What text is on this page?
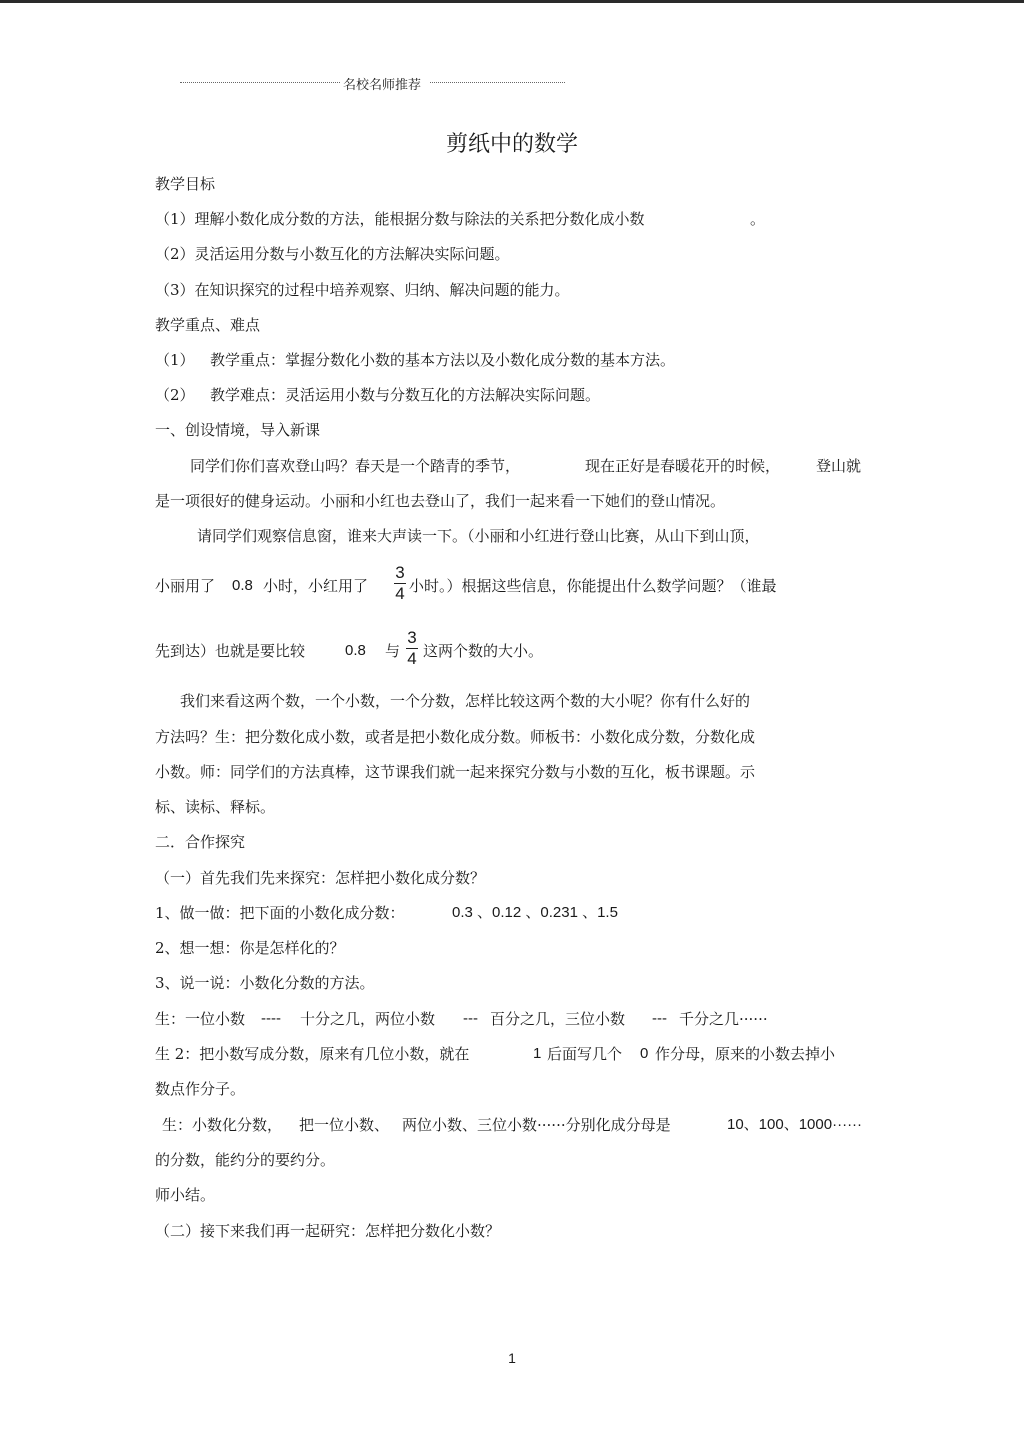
名校名师推荐
剪纸中的数学
教学目标
（1）理解小数化成分数的方法，能根据分数与除法的关系把分数化成小数	。
（2）灵活运用分数与小数互化的方法解决实际问题。
（3）在知识探究的过程中培养观察、归纳、解决问题的能力。
教学重点、难点
（1） 教学重点：掌握分数化小数的基本方法以及小数化成分数的基本方法。
（2） 教学难点：灵活运用小数与分数互化的方法解决实际问题。
一、创设情境，导入新课
同学们你们喜欢登山吗？春天是一个踏青的季节，	现在正好是春暖花开的时候， 登山就
是一项很好的健身运动。小丽和小红也去登山了，我们一起来看一下她们的登山情况。
请同学们观察信息窗，谁来大声读一下。（小丽和小红进行登山比赛，从山下到山顶，
小丽用了 0.8 小时，小红用了	小时。）根据这些信息，你能提出什么数学问题？（谁最
3
4
先到达）也就是要比较	0.8 与 这两个数的大小。
3
4
我们来看这两个数，一个小数，一个分数，怎样比较这两个数的大小呢？你有什么好的
方法吗？生：把分数化成小数，或者是把小数化成分数。师板书：小数化成分数，分数化成
小数。师：同学们的方法真棒，这节课我们就一起来探究分数与小数的互化，板书课题。示
标、读标、释标。
二．合作探究
（一）首先我们先来探究：怎样把小数化成分数？
1、做一做：把下面的小数化成分数：	0.3 、0.12 、0.231 、1.5
2、想一想：你是怎样化的？
3、说一说：小数化分数的方法。
生：一位小数 ---- 十分之几，两位小数 --- 百分之几，三位小数 --- 千分之几······
生 2：把小数写成分数，原来有几位小数，就在	1 后面写几个 0 作分母，原来的小数去掉小
数点作分子。
生：小数化分数， 把一位小数、 两位小数、三位小数······分别化成分母是	10、100、1000······
的分数，能约分的要约分。
师小结。
（二）接下来我们再一起研究：怎样把分数化小数？
1
